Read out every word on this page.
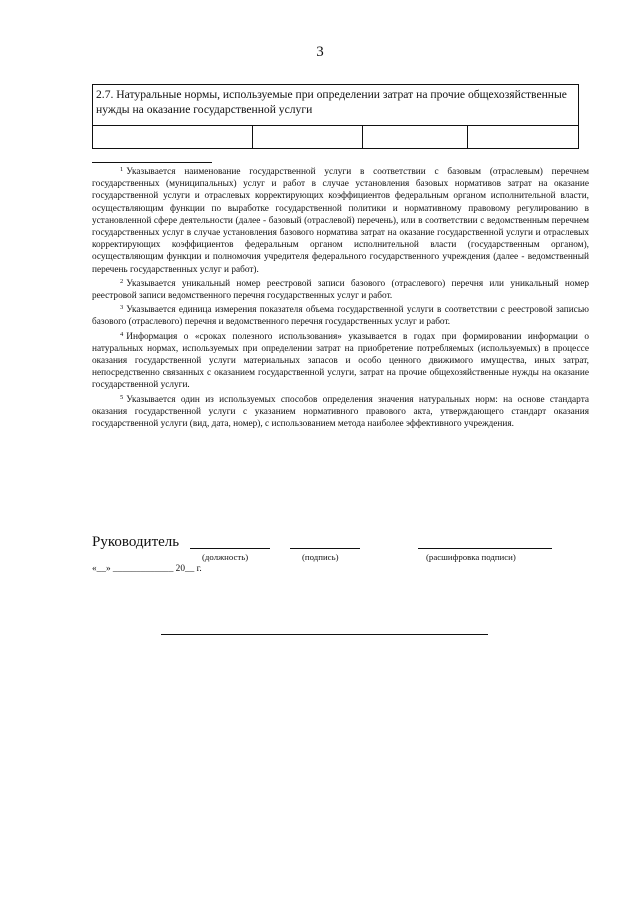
3
2.7. Натуральные нормы, используемые при определении затрат на прочие общехозяйственные нужды на оказание государственной услуги

$^1$ Указывается наименование государственной услуги в соответствии с базовым (отраслевым) перечнем государственных (муниципальных) услуг и работ в случае установления базовых нормативов затрат на оказание государственной услуги и отраслевых корректирующих коэффициентов федеральным органом исполнительной власти, осуществляющим функции по выработке государственной политики и нормативному правовому регулированию в установленной сфере деятельности (далее - базовый (отраслевой) перечень), или в соответствии с ведомственным перечнем государственных услуг в случае установления базового норматива затрат на оказание государственной услуги и отраслевых корректирующих коэффициентов федеральным органом исполнительной власти (государственным органом), осуществляющим функции и полномочия учредителя федерального государственного учреждения (далее - ведомственный перечень государственных услуг и работ).

$^2$ Указывается уникальный номер реестровой записи базового (отраслевого) перечня или уникальный номер реестровой записи ведомственного перечня государственных услуг и работ.

$^3$ Указывается единица измерения показателя объема государственной услуги в соответствии с реестровой записью базового (отраслевого) перечня и ведомственного перечня государственных услуг и работ.

$^4$ Информация о «сроках полезного использования» указывается в годах при формировании информации о натуральных нормах, используемых при определении затрат на приобретение потребляемых (используемых) в процессе оказания государственной услуги материальных запасов и особо ценного движимого имущества, иных затрат, непосредственно связанных с оказанием государственной услуги, затрат на прочие общехозяйственные нужды на оказание государственной услуги.

$^5$ Указывается один из используемых способов определения значения натуральных норм: на основе стандарта оказания государственной услуги с указанием нормативного правового акта, утверждающего стандарт оказания государственной услуги (вид, дата, номер), с использованием метода наиболее эффективного учреждения.

Руководитель
(должность)	(подпись)	(расшифровка подписи)
«__» _____________ 20__ г.
